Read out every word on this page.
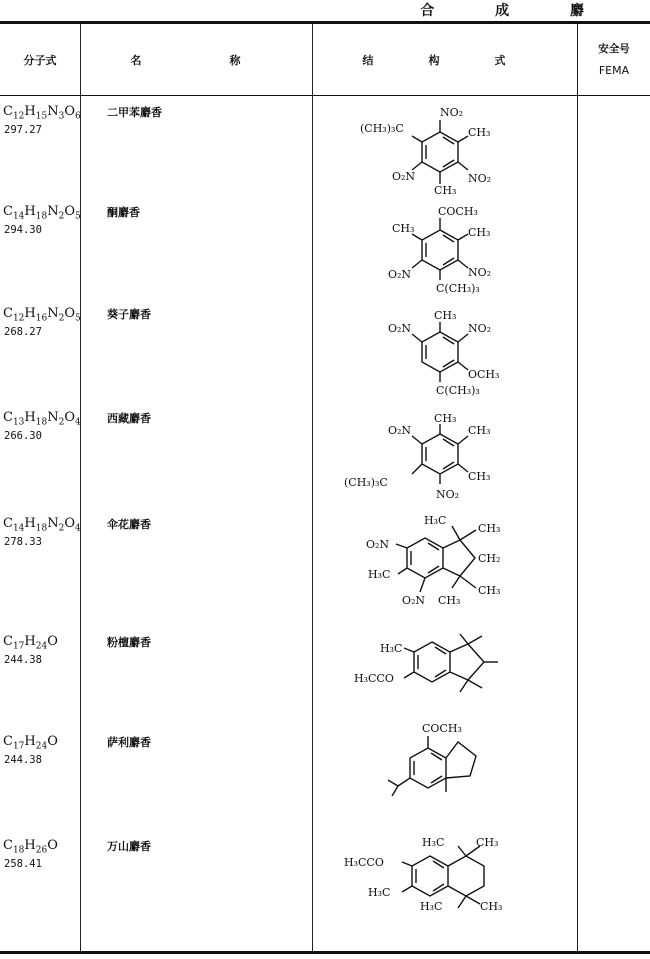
合 成 麝
分子式	名　　称	结　构　式
安全号
FEMA
$C_{12}H_{15}N_3O_6$
297.27
二甲苯麝香	NO₂
(CH₃)₃C	CH₃
O₂N	NO₂
CH₃
$C_{14}H_{18}N_2O_5$
294.30
酮麝香	COCH₃
CH₃	CH₃
O₂N	NO₂
C(CH₃)₃
$C_{12}H_{16}N_2O_5$
268.27
葵子麝香	CH₃
O₂N	NO₂
OCH₃
C(CH₃)₃
$C_{13}H_{18}N_2O_4$
266.30
西藏麝香	CH₃
O₂N	CH₃
CH₃
(CH₃)₃C
NO₂
$C_{14}H_{18}N_2O_4$
278.33
伞花麝香	H₃C
CH₃
O₂N
CH₂
H₃C
CH₃
O₂N CH₃
$C_{17}H_{24}O$
244.38
粉檀麝香	H₃C
H₃CCO
$C_{17}H_{24}O$
244.38
萨利麝香
COCH₃
$C_{18}H_{26}O$
258.41
万山麝香	H₃C	CH₃
H₃CCO
H₃C
H₃C	CH₃
